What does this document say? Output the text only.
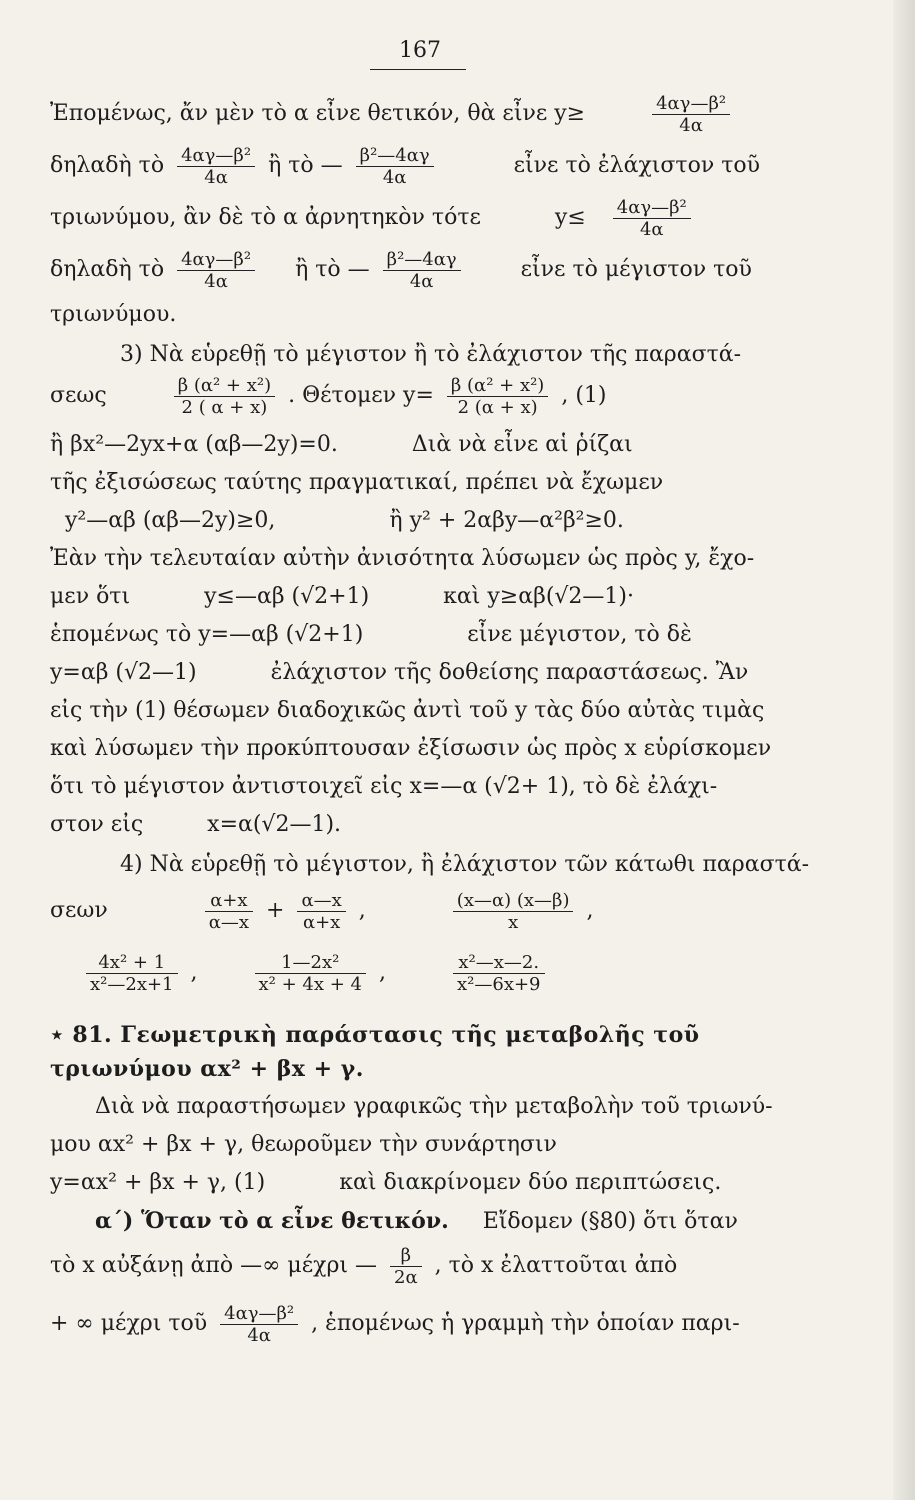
167
Ἐπομένως, ἄν μὲν τὸ α εἶνε θετικόν, θὰ εἶνε y≥	$\frac{\text{4αγ—β²}}{4\alpha}$
δηλαδὴ τὸ $\frac{\text{4αγ—β²}}{4\alpha}$ ἢ τὸ — $\frac{\text{β²—4αγ}}{4\alpha}$	εἶνε τὸ ἐλάχιστον τοῦ
τριωνύμου, ἂν δὲ τὸ α ἀρνητηκὸν τότε	$y\le \frac{\text{4αγ—β²}}{4\alpha}$
δηλαδὴ τὸ $\frac{\text{4αγ—β²}}{4\alpha}$ ἢ τὸ — $\frac{\text{β²—4αγ}}{4\alpha}$	εἶνε τὸ μέγιστον τοῦ
τριωνύμου.
3) Νὰ εὑρεθῇ τὸ μέγιστον ἢ τὸ ἐλάχιστον τῆς παραστά-
σεως	$\frac{\text{β (α² + x²)}}{2 ( \alpha + x)}$ . Θέτομεν $y= \frac{\text{β (α² + x²)}}{2 (\alpha + x)}$ , (1)
ἢ βx²—2yx+α (αβ—2y)=0.	Διὰ νὰ εἶνε αἱ ῥίζαι
τῆς ἐξισώσεως ταύτης πραγματικαί, πρέπει νὰ ἔχωμεν
y²—αβ (αβ—2y)≥0,	ἢ y² + 2αβy—α²β²≥0.
Ἐὰν τὴν τελευταίαν αὐτὴν ἀνισότητα λύσωμεν ὡς πρὸς y, ἔχο-
μεν ὅτι	y≤—αβ (√2+1)	καὶ y≥αβ(√2—1)·
ἑπομένως τὸ y=—αβ (√2+1)	εἶνε μέγιστον, τὸ δὲ
y=αβ (√2—1)	ἐλάχιστον τῆς δοθείσης παραστάσεως. Ἂν
εἰς τὴν (1) θέσωμεν διαδοχικῶς ἀντὶ τοῦ y τὰς δύο αὐτὰς τιμὰς
καὶ λύσωμεν τὴν προκύπτουσαν ἐξίσωσιν ὡς πρὸς x εὑρίσκομεν
ὅτι τὸ μέγιστον ἀντιστοιχεῖ εἰς x=—α (√2+ 1), τὸ δὲ ἐλάχι-
στον εἰς	x=α(√2—1).
4) Νὰ εὑρεθῇ τὸ μέγιστον, ἢ ἐλάχιστον τῶν κάτωθι παραστά-
σεων	$\frac{\alpha+x}{\alpha—x} + \frac{\alpha—x}{\alpha+x}$ ,	$\frac{(x—\alpha) (x—\beta)}{x}$ ,
$\frac{\text{4x² + 1}}{\text{x²—2x+1}}$ ,	$\frac{\text{1—2x²}}{\text{x² + 4x + 4}}$ ,	$\frac{\text{x²—x—2.}}{\text{x²—6x+9}}$
⋆ 81. Γεωμετρικὴ παράστασις τῆς μεταβολῆς τοῦ
τριωνύμου αx² + βx + γ.
Διὰ νὰ παραστήσωμεν γραφικῶς τὴν μεταβολὴν τοῦ τριωνύ-
μου αx² + βx + γ, θεωροῦμεν τὴν συνάρτησιν
y=αx² + βx + γ, (1)	καὶ διακρίνομεν δύο περιπτώσεις.
α΄) Ὅταν τὸ α εἶνε θετικόν. Εἴδομεν (§80) ὅτι ὅταν
τὸ x αὐξάνῃ ἀπὸ —∞ μέχρι — $\frac{\beta}{2\alpha}$ , τὸ x ἐλαττοῦται ἀπὸ
+ ∞ μέχρι τοῦ $\frac{\text{4αγ—β²}}{4\alpha}$ , ἑπομένως ἡ γραμμὴ τὴν ὁποίαν παρι-
